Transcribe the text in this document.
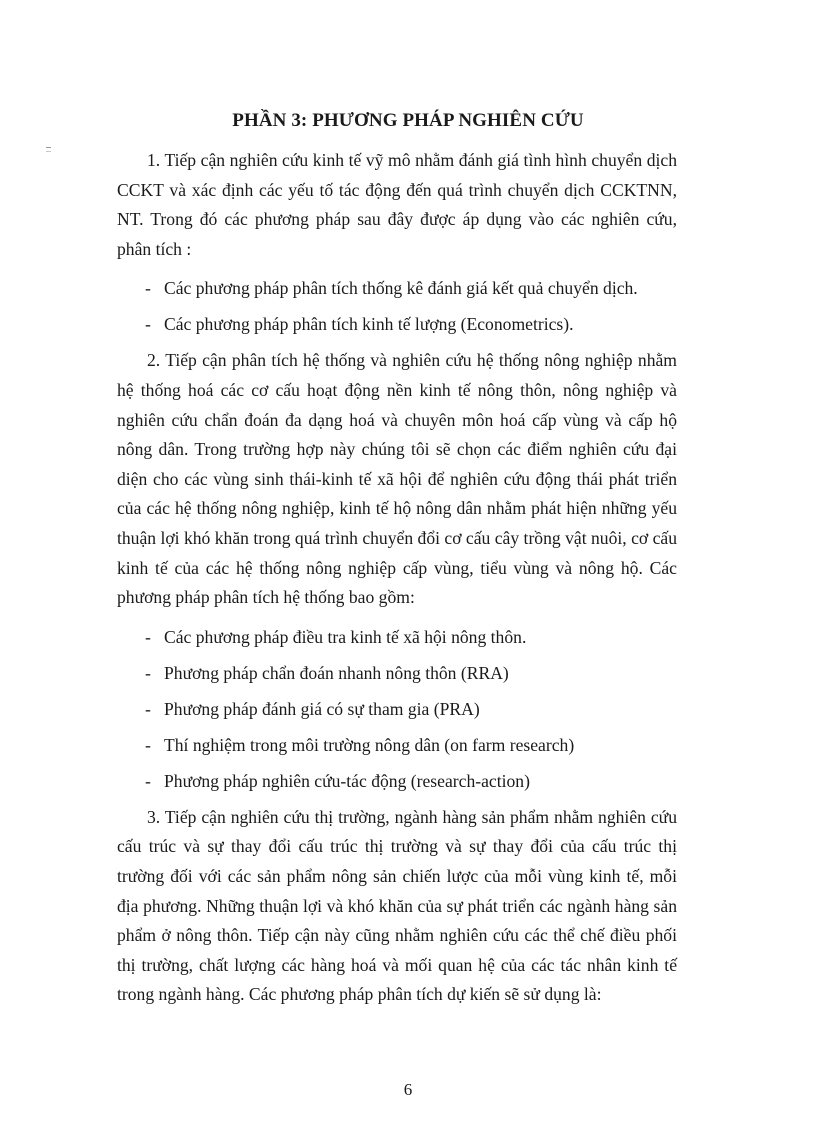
PHẦN 3: PHƯƠNG PHÁP NGHIÊN CỨU

1. Tiếp cận nghiên cứu kinh tế vỹ mô nhằm đánh giá tình hình chuyển dịch CCKT và xác định các yếu tố tác động đến quá trình chuyển dịch CCKTNN, NT. Trong đó các phương pháp sau đây được áp dụng vào các nghiên cứu, phân tích :

- Các phương pháp phân tích thống kê đánh giá kết quả chuyển dịch.
- Các phương pháp phân tích kinh tế lượng (Econometrics).

2. Tiếp cận phân tích hệ thống và nghiên cứu hệ thống nông nghiệp nhằm hệ thống hoá các cơ cấu hoạt động nền kinh tế nông thôn, nông nghiệp và nghiên cứu chẩn đoán đa dạng hoá và chuyên môn hoá cấp vùng và cấp hộ nông dân. Trong trường hợp này chúng tôi sẽ chọn các điểm nghiên cứu đại diện cho các vùng sinh thái-kinh tế xã hội để nghiên cứu động thái phát triển của các hệ thống nông nghiệp, kinh tế hộ nông dân nhằm phát hiện những yếu thuận lợi khó khăn trong quá trình chuyển đổi cơ cấu cây trồng vật nuôi, cơ cấu kinh tế của các hệ thống nông nghiệp cấp vùng, tiểu vùng và nông hộ. Các phương pháp phân tích hệ thống bao gồm:

- Các phương pháp điều tra kinh tế xã hội nông thôn.
- Phương pháp chẩn đoán nhanh nông thôn (RRA)
- Phương pháp đánh giá có sự tham gia (PRA)
- Thí nghiệm trong môi trường nông dân (on farm research)
- Phương pháp nghiên cứu-tác động (research-action)

3. Tiếp cận nghiên cứu thị trường, ngành hàng sản phẩm nhằm nghiên cứu cấu trúc và sự thay đổi cấu trúc thị trường và sự thay đổi của cấu trúc thị trường đối với các sản phẩm nông sản chiến lược của mỗi vùng kinh tế, mỗi địa phương. Những thuận lợi và khó khăn của sự phát triển các ngành hàng sản phẩm ở nông thôn. Tiếp cận này cũng nhằm nghiên cứu các thể chế điều phối thị trường, chất lượng các hàng hoá và mối quan hệ của các tác nhân kinh tế trong ngành hàng. Các phương pháp phân tích dự kiến sẽ sử dụng là:

6
